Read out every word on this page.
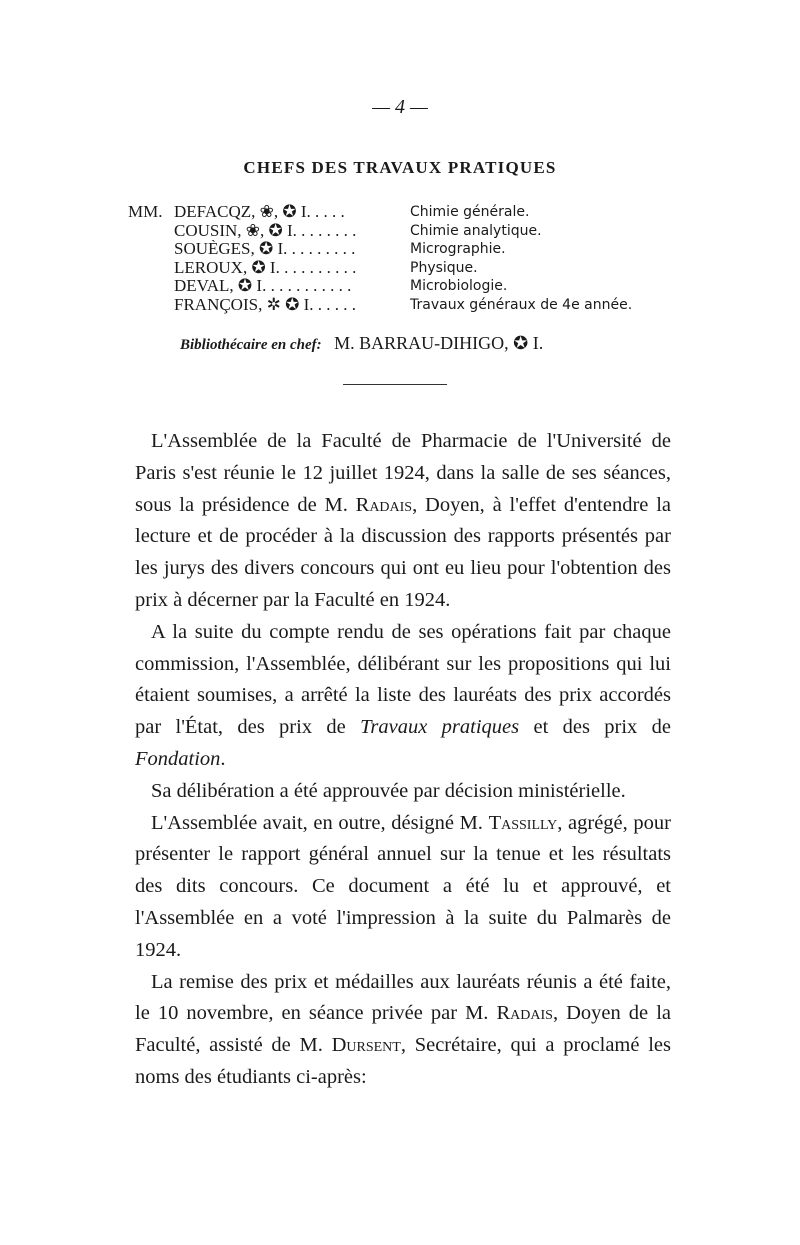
— 4 —
CHEFS DES TRAVAUX PRATIQUES
MM. DEFACQZ, ❀, ✪ I. . . . .	Chimie générale.
COUSIN, ❀, ✪ I. . . . . . . .	Chimie analytique.
SOUÈGES, ✪ I. . . . . . . . .	Micrographie.
LEROUX, ✪ I. . . . . . . . . .	Physique.
DEVAL, ✪ I. . . . . . . . . . .	Microbiologie.
FRANÇOIS, ✲ ✪ I. . . . . .	Travaux généraux de 4e année.
Bibliothécaire en chef: M. BARRAU-DIHIGO, ✪ I.

L'Assemblée de la Faculté de Pharmacie de l'Université de Paris s'est réunie le 12 juillet 1924, dans la salle de ses séances, sous la présidence de M. Radais, Doyen, à l'effet d'entendre la lecture et de procéder à la discussion des rapports présentés par les jurys des divers concours qui ont eu lieu pour l'obtention des prix à décerner par la Faculté en 1924.

A la suite du compte rendu de ses opérations fait par chaque commission, l'Assemblée, délibérant sur les propositions qui lui étaient soumises, a arrêté la liste des lauréats des prix accordés par l'État, des prix de Travaux pratiques et des prix de Fondation.

Sa délibération a été approuvée par décision ministérielle.

L'Assemblée avait, en outre, désigné M. Tassilly, agrégé, pour présenter le rapport général annuel sur la tenue et les résultats des dits concours. Ce document a été lu et approuvé, et l'Assemblée en a voté l'impression à la suite du Palmarès de 1924.

La remise des prix et médailles aux lauréats réunis a été faite, le 10 novembre, en séance privée par M. Radais, Doyen de la Faculté, assisté de M. Dursent, Secrétaire, qui a proclamé les noms des étudiants ci-après:
